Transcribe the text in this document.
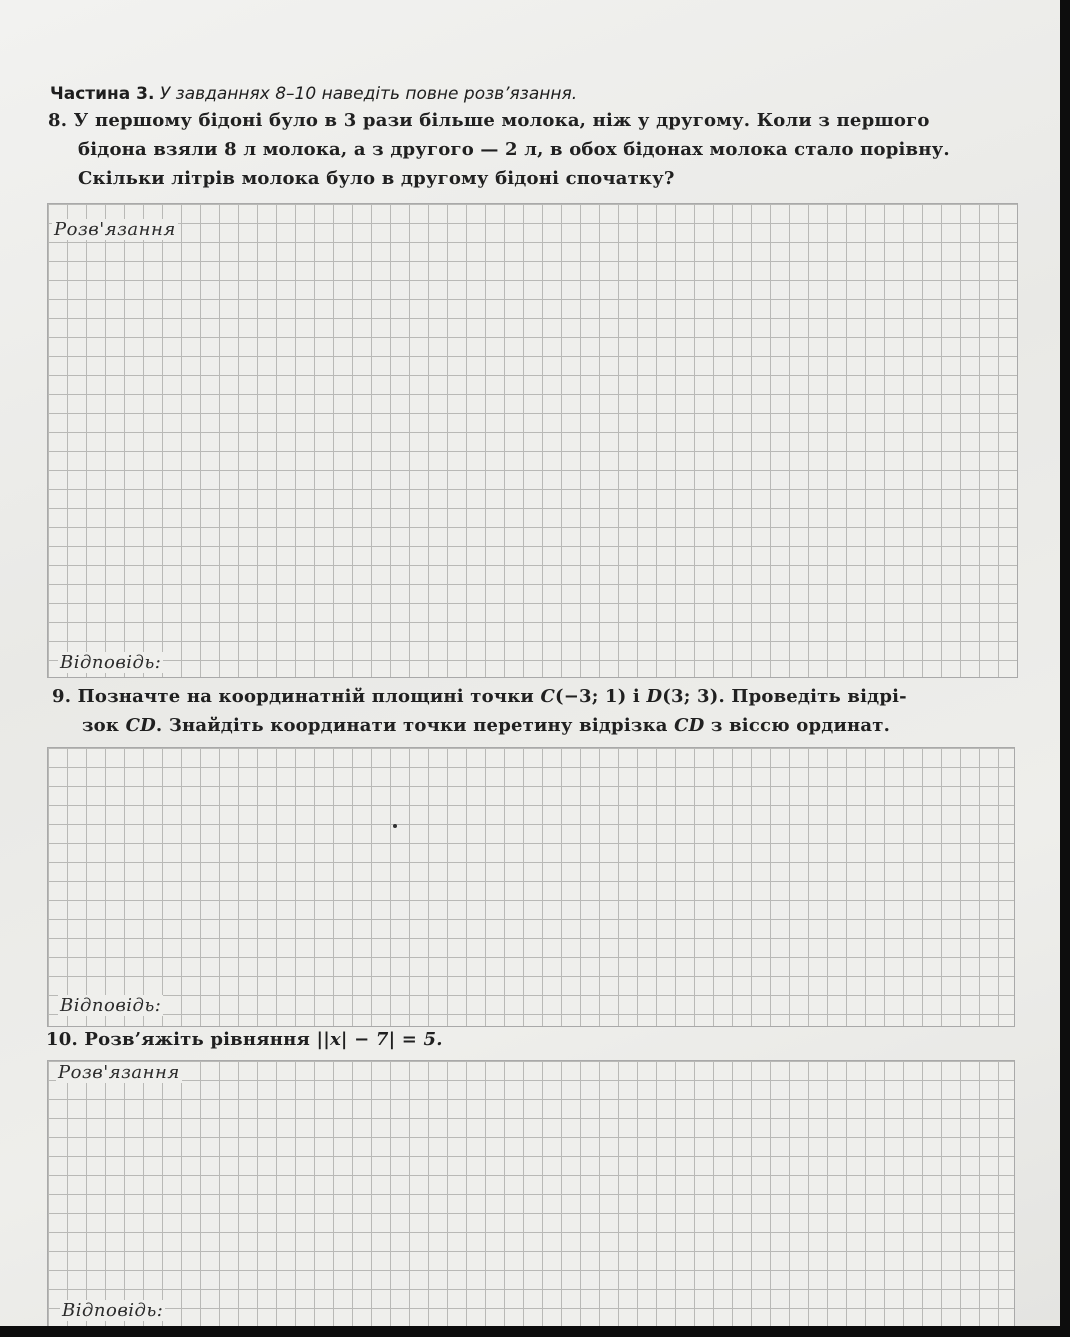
Частина 3. У завданнях 8–10 наведіть повне розв’язання.
8. У першому бідоні було в 3 рази більше молока, ніж у другому. Коли з першого
бідона взяли 8 л молока, а з другого — 2 л, в обох бідонах молока стало порівну.
Скільки літрів молока було в другому бідоні спочатку?
Розв'язання
Відповідь:
9. Позначте на координатній площині точки C(−3; 1) і D(3; 3). Проведіть відрі-
зок CD. Знайдіть координати точки перетину відрізка CD з віссю ординат.
Відповідь:
10. Розв’яжіть рівняння ||x| − 7| = 5.
Розв'язання
Відповідь:
